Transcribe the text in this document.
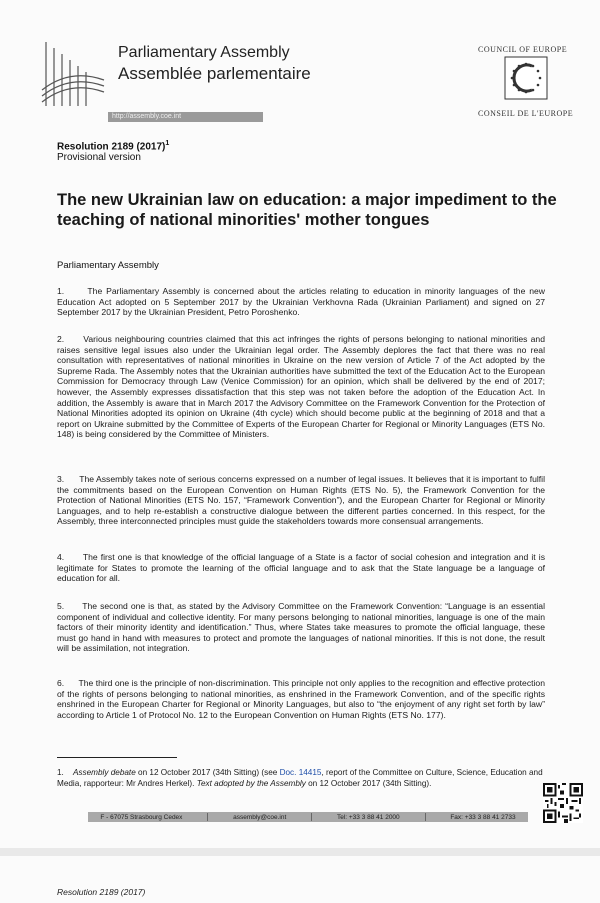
Parliamentary Assembly
Assemblée parlementaire
http://assembly.coe.int
COUNCIL OF EUROPE
CONSEIL DE L'EUROPE
Resolution 2189 $(2017)^1$
Provisional version
The new Ukrainian law on education: a major impediment to the teaching of national minorities' mother tongues
Parliamentary Assembly
1.      The Parliamentary Assembly is concerned about the articles relating to education in minority languages of the new Education Act adopted on 5 September 2017 by the Ukrainian Verkhovna Rada (Ukrainian Parliament) and signed on 27 September 2017 by the Ukrainian President, Petro Poroshenko.
2.      Various neighbouring countries claimed that this act infringes the rights of persons belonging to national minorities and raises sensitive legal issues also under the Ukrainian legal order. The Assembly deplores the fact that there was no real consultation with representatives of national minorities in Ukraine on the new version of Article 7 of the Act adopted by the Supreme Rada. The Assembly notes that the Ukrainian authorities have submitted the text of the Education Act to the European Commission for Democracy through Law (Venice Commission) for an opinion, which shall be delivered by the end of 2017; however, the Assembly expresses dissatisfaction that this step was not taken before the adoption of the Education Act. In addition, the Assembly is aware that in March 2017 the Advisory Committee on the Framework Convention for the Protection of National Minorities adopted its opinion on Ukraine (4th cycle) which should become public at the beginning of 2018 and that a report on Ukraine submitted by the Committee of Experts of the European Charter for Regional or Minority Languages (ETS No. 148) is being considered by the Committee of Ministers.
3.      The Assembly takes note of serious concerns expressed on a number of legal issues. It believes that it is important to fulfil the commitments based on the European Convention on Human Rights (ETS No. 5), the Framework Convention for the Protection of National Minorities (ETS No. 157, “Framework Convention”), and the European Charter for Regional or Minority Languages, and to help re-establish a constructive dialogue between the different parties concerned. In this respect, for the Assembly, three interconnected principles must guide the stakeholders towards more consensual arrangements.
4.      The first one is that knowledge of the official language of a State is a factor of social cohesion and integration and it is legitimate for States to promote the learning of the official language and to ask that the State language be a language of education for all.
5.      The second one is that, as stated by the Advisory Committee on the Framework Convention: “Language is an essential component of individual and collective identity. For many persons belonging to national minorities, language is one of the main factors of their minority identity and identification.” Thus, where States take measures to promote the official language, these must go hand in hand with measures to protect and promote the languages of national minorities. If this is not done, the result will be assimilation, not integration.
6.      The third one is the principle of non-discrimination. This principle not only applies to the recognition and effective protection of the rights of persons belonging to national minorities, as enshrined in the Framework Convention, and of the specific rights enshrined in the European Charter for Regional or Minority Languages, but also to “the enjoyment of any right set forth by law” according to Article 1 of Protocol No. 12 to the European Convention on Human Rights (ETS No. 177).
1. Assembly debate on 12 October 2017 (34th Sitting) (see Doc. 14415, report of the Committee on Culture, Science, Education and Media, rapporteur: Mr Andres Herkel). Text adopted by the Assembly on 12 October 2017 (34th Sitting).
F - 67075 Strasbourg Cedex	assembly@coe.int	Tel: +33 3 88 41 2000	Fax: +33 3 88 41 2733
Resolution 2189 (2017)
